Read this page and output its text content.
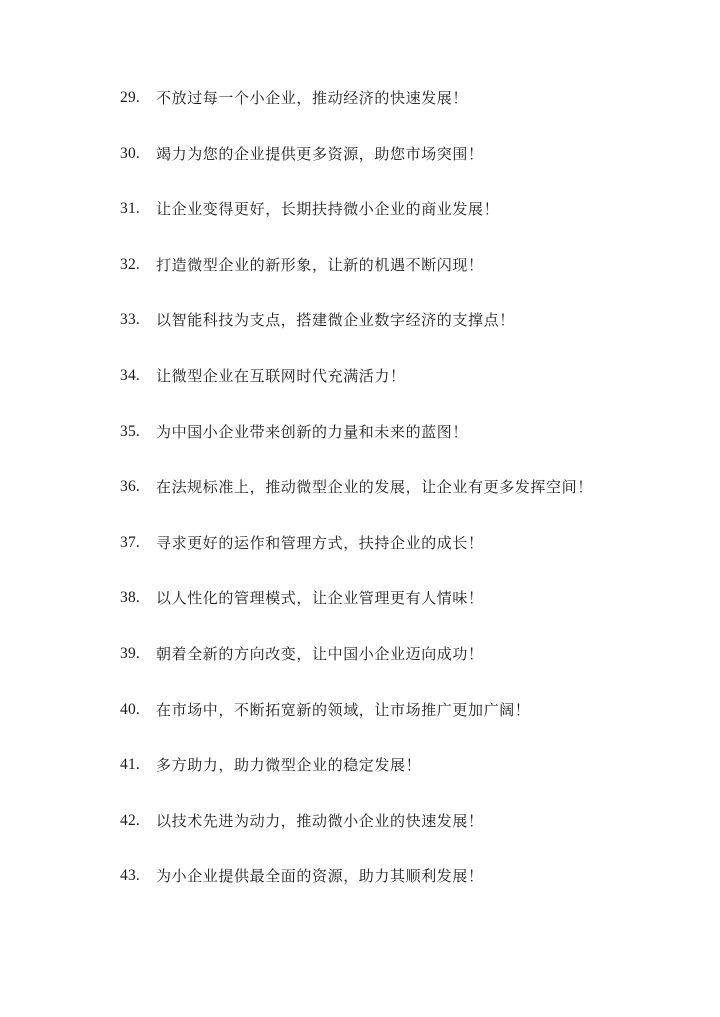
29.	不放过每一个小企业，推动经济的快速发展！
30.	竭力为您的企业提供更多资源，助您市场突围！
31.	让企业变得更好，长期扶持微小企业的商业发展！
32.	打造微型企业的新形象，让新的机遇不断闪现！
33.	以智能科技为支点，搭建微企业数字经济的支撑点！
34.	让微型企业在互联网时代充满活力！
35.	为中国小企业带来创新的力量和未来的蓝图！
36.	在法规标准上，推动微型企业的发展，让企业有更多发挥空间！
37.	寻求更好的运作和管理方式，扶持企业的成长！
38.	以人性化的管理模式，让企业管理更有人情味！
39.	朝着全新的方向改变，让中国小企业迈向成功！
40.	在市场中，不断拓宽新的领域，让市场推广更加广阔！
41.	多方助力，助力微型企业的稳定发展！
42.	以技术先进为动力，推动微小企业的快速发展！
43.	为小企业提供最全面的资源，助力其顺利发展！
